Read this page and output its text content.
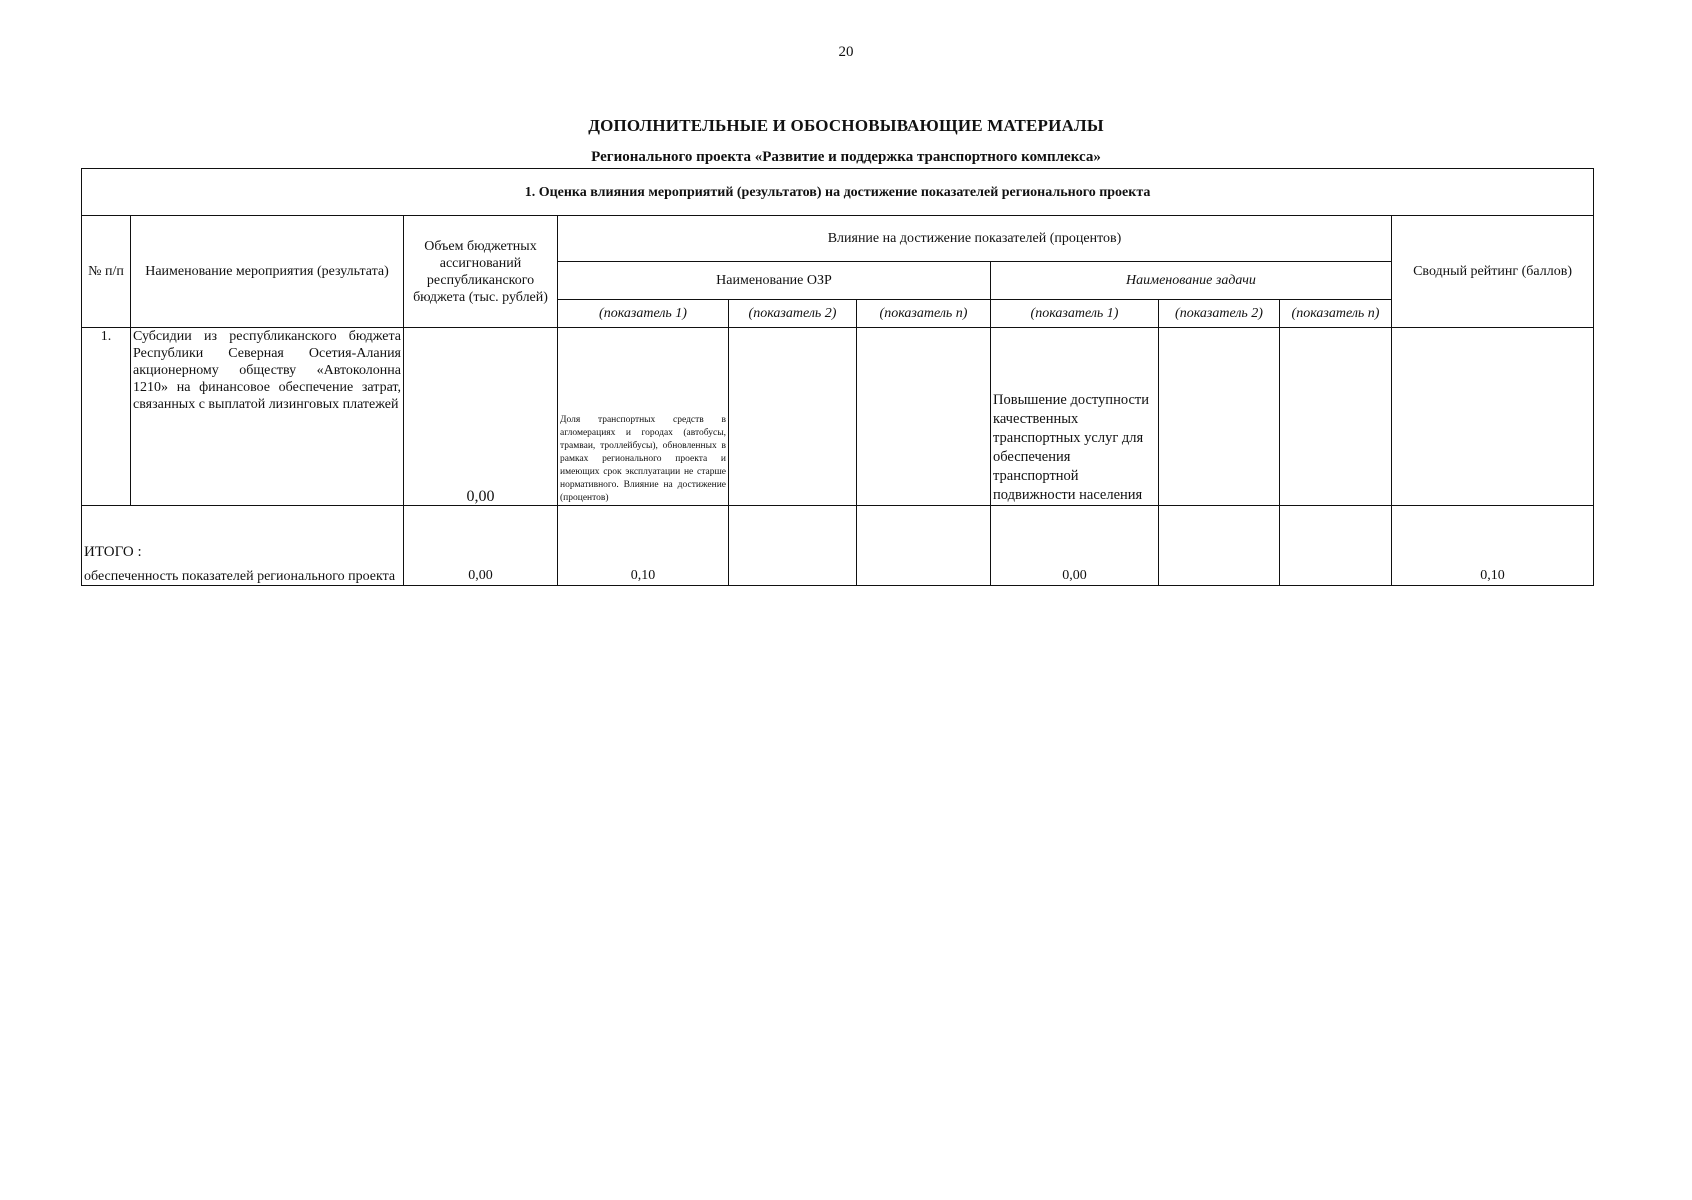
20
ДОПОЛНИТЕЛЬНЫЕ И ОБОСНОВЫВАЮЩИЕ МАТЕРИАЛЫ
Регионального проекта «Развитие и поддержка транспортного комплекса»
1. Оценка влияния мероприятий (результатов) на достижение показателей регионального проекта									
№ п/п	Наименование мероприятия (результата)	Объем бюджетных ассигнований республиканского бюджета (тыс. рублей)	Влияние на достижение показателей (процентов)						Сводный рейтинг (баллов)
			Наименование ОЗР			Наименование задачи			
			(показатель 1)	(показатель 2)	(показатель n)	(показатель 1)	(показатель 2)	(показатель n)	
1.	Субсидии из республиканского бюджета Республики Северная Осетия-Алания акционерному обществу «Автоколонна 1210» на финансовое обеспечение затрат, связанных с выплатой лизинговых платежей	0,00	Доля транспортных средств в агломерациях и городах (автобусы, трамваи, троллейбусы), обновленных в рамках регионального проекта и имеющих срок эксплуатации не старше нормативного. Влияние на достижение (процентов)			Повышение доступности качественных транспортных услуг для обеспечения транспортной подвижности населения			

ИТОГО :
обеспеченность показателей регионального проекта		0,00	0,10			0,00			0,10
